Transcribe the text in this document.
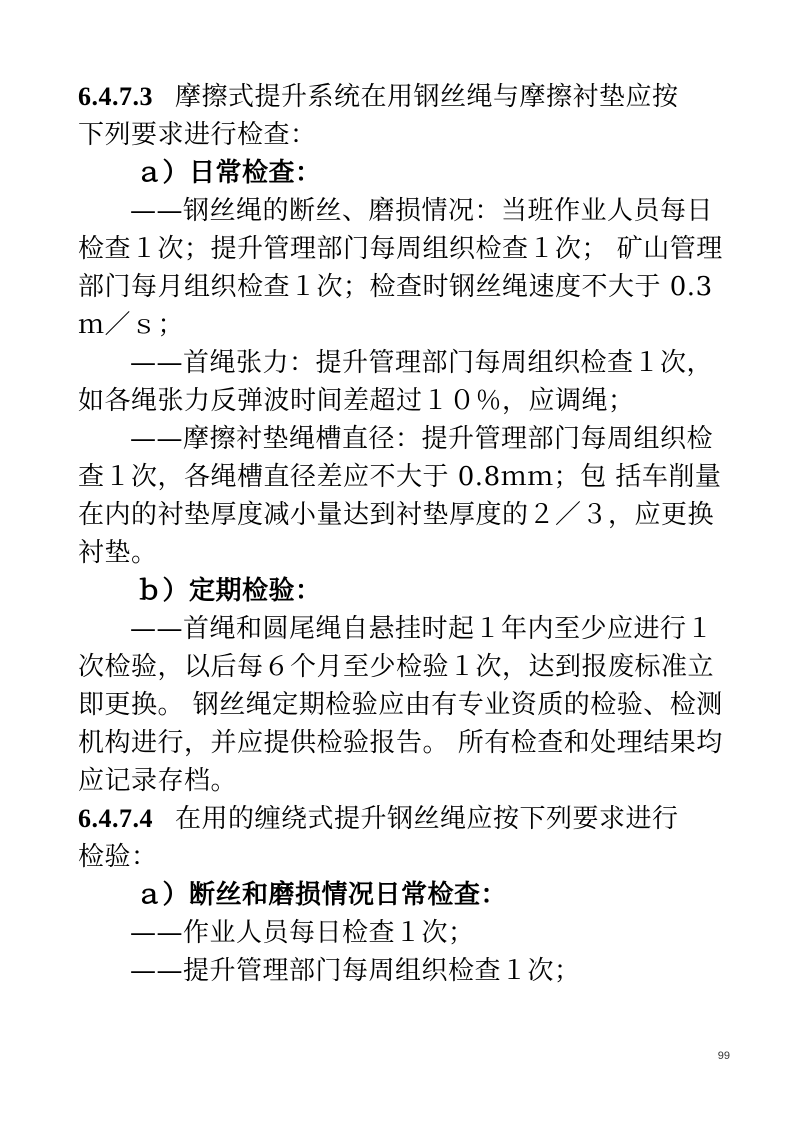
6.4.7.3 摩擦式提升系统在用钢丝绳与摩擦衬垫应按
下列要求进行检查：
ａ）日常检查：
——钢丝绳的断丝、磨损情况：当班作业人员每日
检查１次；提升管理部门每周组织检查１次； 矿山管理
部门每月组织检查１次；检查时钢丝绳速度不大于 0.3
ｍ／ｓ；
——首绳张力：提升管理部门每周组织检查１次，
如各绳张力反弹波时间差超过１０％，应调绳；
——摩擦衬垫绳槽直径：提升管理部门每周组织检
查１次，各绳槽直径差应不大于 0.8ｍｍ；包 括车削量
在内的衬垫厚度减小量达到衬垫厚度的２／３，应更换
衬垫。
ｂ）定期检验：
——首绳和圆尾绳自悬挂时起１年内至少应进行１
次检验，以后每６个月至少检验１次，达到报废标准立
即更换。 钢丝绳定期检验应由有专业资质的检验、检测
机构进行，并应提供检验报告。 所有检查和处理结果均
应记录存档。
6.4.7.4 在用的缠绕式提升钢丝绳应按下列要求进行
检验：
ａ）断丝和磨损情况日常检查：
——作业人员每日检查１次；
——提升管理部门每周组织检查１次；
99
